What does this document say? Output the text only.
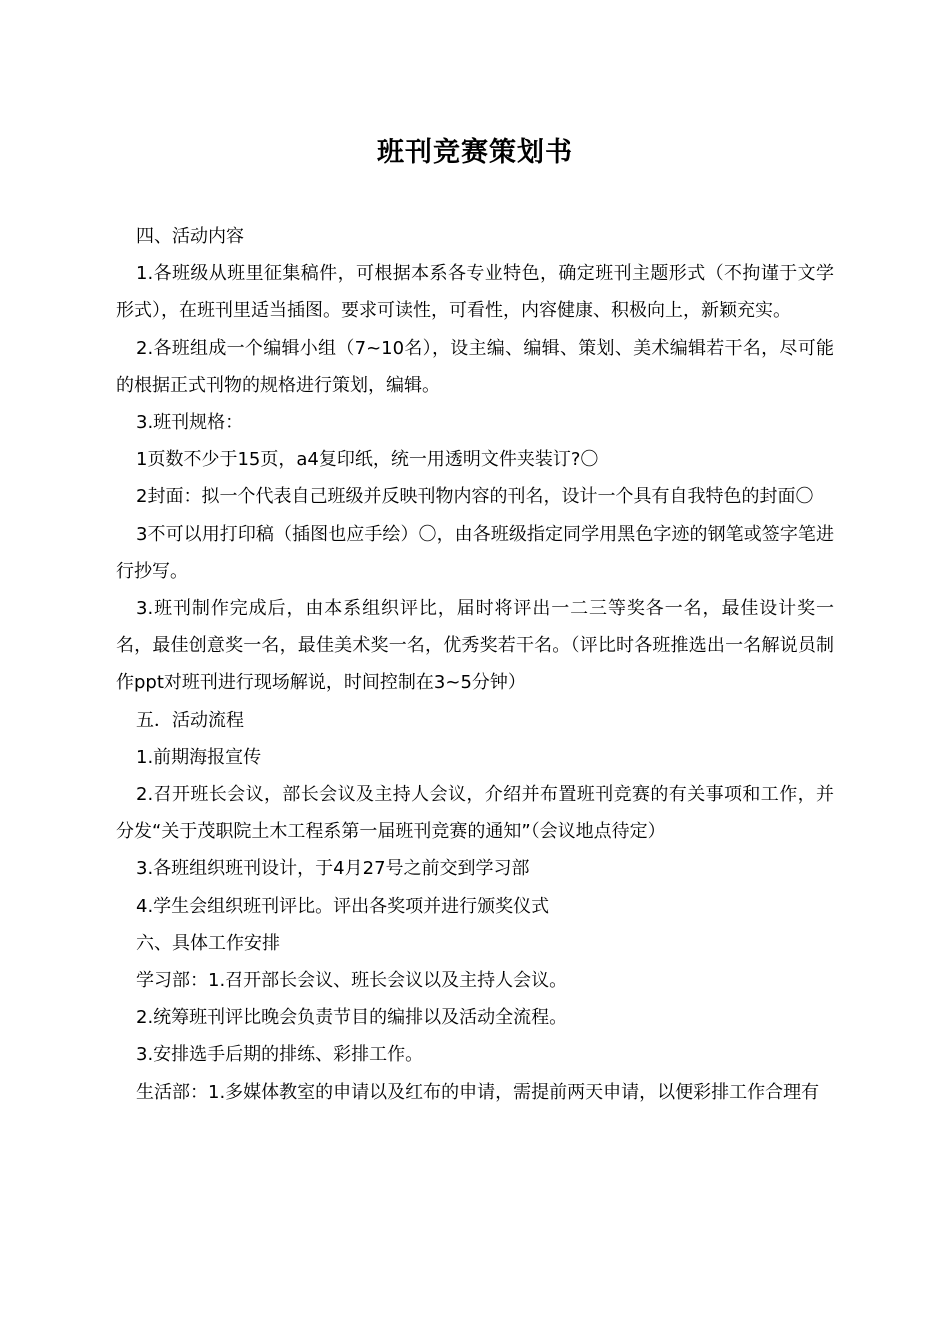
班刊竞赛策划书

四、活动内容

1.各班级从班里征集稿件，可根据本系各专业特色，确定班刊主题形式（不拘谨于文学形式），在班刊里适当插图。要求可读性，可看性，内容健康、积极向上，新颖充实。

2.各班组成一个编辑小组（7~10名），设主编、编辑、策划、美术编辑若干名，尽可能的根据正式刊物的规格进行策划，编辑。

3.班刊规格：

1页数不少于15页，a4复印纸，统一用透明文件夹装订?〇

2封面：拟一个代表自己班级并反映刊物内容的刊名，设计一个具有自我特色的封面〇

3不可以用打印稿（插图也应手绘）〇，由各班级指定同学用黑色字迹的钢笔或签字笔进行抄写。

3.班刊制作完成后，由本系组织评比，届时将评出一二三等奖各一名，最佳设计奖一名，最佳创意奖一名，最佳美术奖一名，优秀奖若干名。（评比时各班推选出一名解说员制作ppt对班刊进行现场解说，时间控制在3~5分钟）

五．活动流程

1.前期海报宣传

2.召开班长会议，部长会议及主持人会议，介绍并布置班刊竞赛的有关事项和工作，并分发“关于茂职院土木工程系第一届班刊竞赛的通知”（会议地点待定）

3.各班组织班刊设计，于4月27号之前交到学习部

4.学生会组织班刊评比。评出各奖项并进行颁奖仪式

六、具体工作安排

学习部：1.召开部长会议、班长会议以及主持人会议。

2.统筹班刊评比晚会负责节目的编排以及活动全流程。

3.安排选手后期的排练、彩排工作。

生活部：1.多媒体教室的申请以及红布的申请，需提前两天申请，以便彩排工作合理有
